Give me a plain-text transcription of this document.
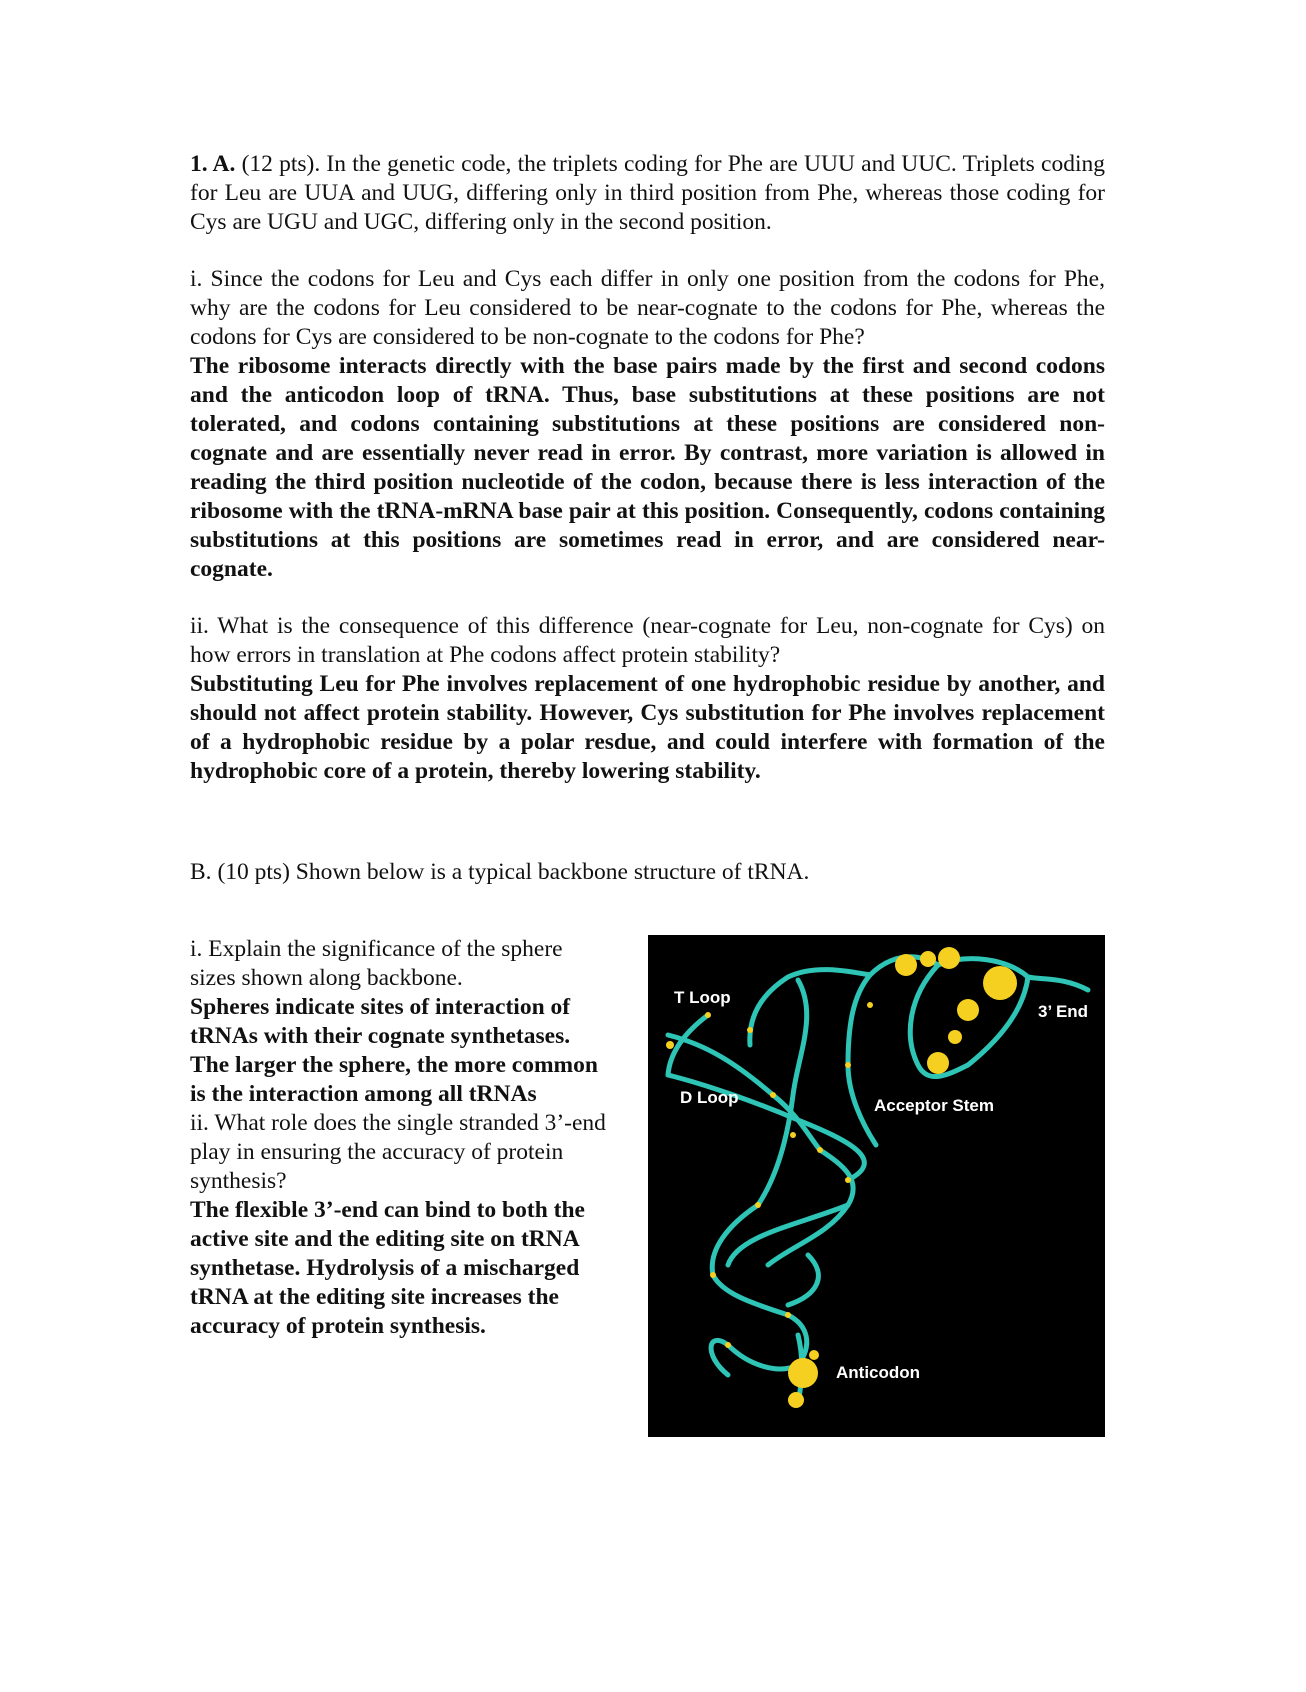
1. A. (12 pts). In the genetic code, the triplets coding for Phe are UUU and UUC. Triplets coding for Leu are UUA and UUG, differing only in third position from Phe, whereas those coding for Cys are UGU and UGC, differing only in the second position.

i. Since the codons for Leu and Cys each differ in only one position from the codons for Phe, why are the codons for Leu considered to be near-cognate to the codons for Phe, whereas the codons for Cys are considered to be non-cognate to the codons for Phe?

The ribosome interacts directly with the base pairs made by the first and second codons and the anticodon loop of tRNA. Thus, base substitutions at these positions are not tolerated, and codons containing substitutions at these positions are considered non-cognate and are essentially never read in error. By contrast, more variation is allowed in reading the third position nucleotide of the codon, because there is less interaction of the ribosome with the tRNA-mRNA base pair at this position. Consequently, codons containing substitutions at this positions are sometimes read in error, and are considered near-cognate.

ii. What is the consequence of this difference (near-cognate for Leu, non-cognate for Cys) on how errors in translation at Phe codons affect protein stability?

Substituting Leu for Phe involves replacement of one hydrophobic residue by another, and should not affect protein stability. However, Cys substitution for Phe involves replacement of a hydrophobic residue by a polar resdue, and could interfere with formation of the hydrophobic core of a protein, thereby lowering stability.

B. (10 pts) Shown below is a typical backbone structure of tRNA.

i. Explain the significance of the sphere sizes shown along backbone.

Spheres indicate sites of interaction of tRNAs with their cognate synthetases. The larger the sphere, the more common is the interaction among all tRNAs

ii. What role does the single stranded 3’-end play in ensuring the accuracy of protein synthesis?

The flexible 3’-end can bind to both the active site and the editing site on tRNA synthetase. Hydrolysis of a mischarged tRNA at the editing site increases the accuracy of protein synthesis.

T Loop
D Loop	Acceptor Stem
3’ End
Anticodon
